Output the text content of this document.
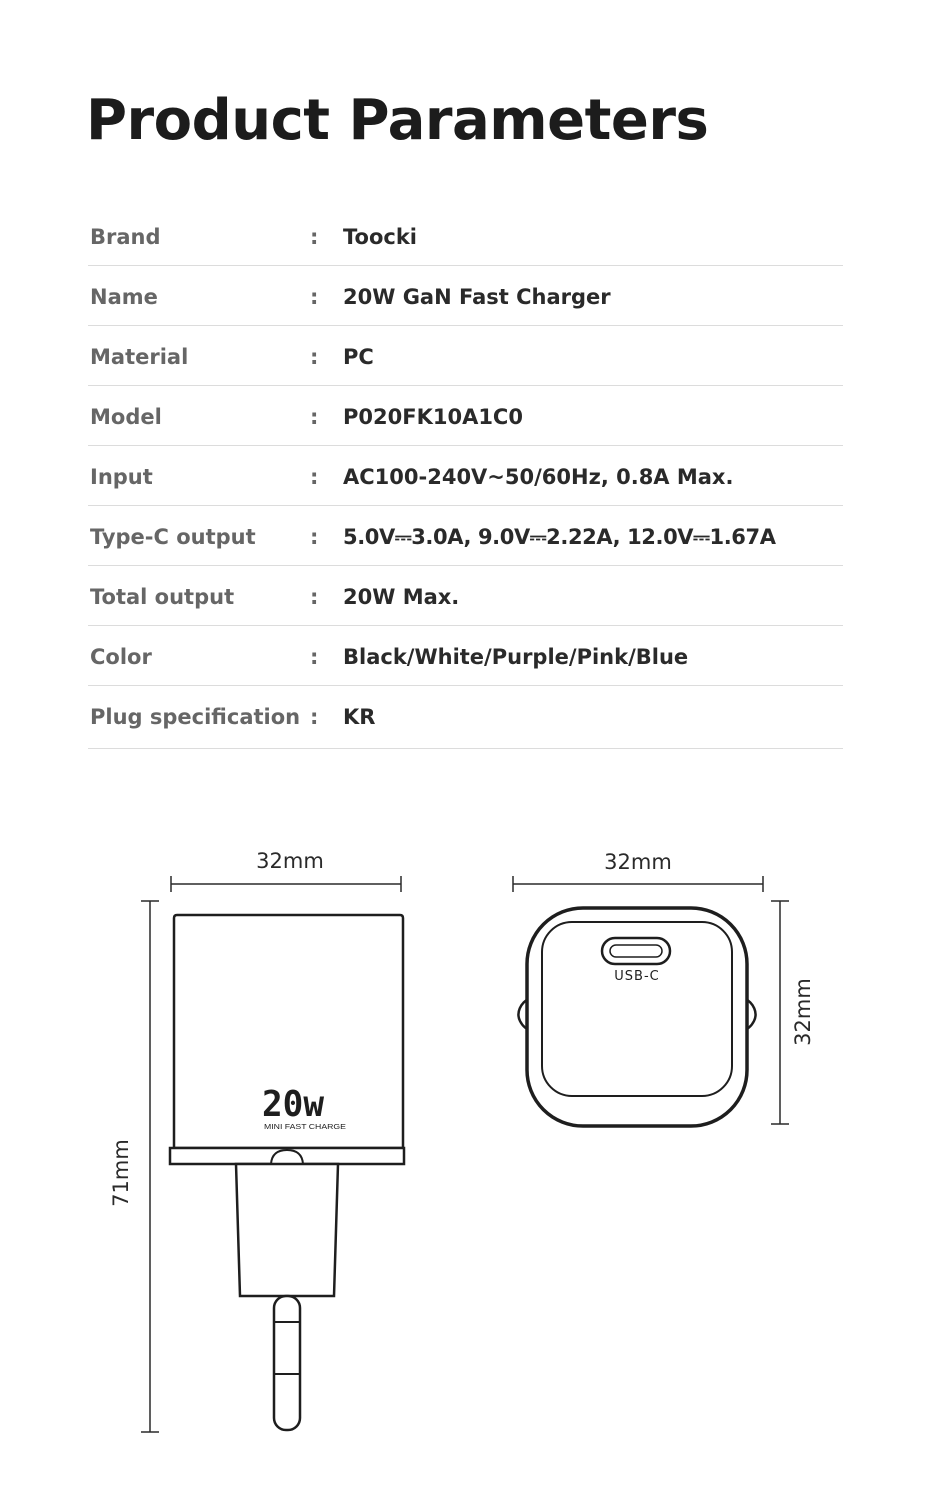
Product Parameters
Brand	: Toocki
Name	: 20W GaN Fast Charger
Material	: PC
Model	: P020FK10A1C0
Input	: AC100-240V~50/60Hz, 0.8A Max.
Type-C output	: 5.0V⎓3.0A, 9.0V⎓2.22A, 12.0V⎓1.67A
Total output	: 20W Max.
Color	: Black/White/Purple/Pink/Blue
Plug specification : KR
32mm
71mm
20w
MINI FAST CHARGE
32mm
32mm
USB-C
